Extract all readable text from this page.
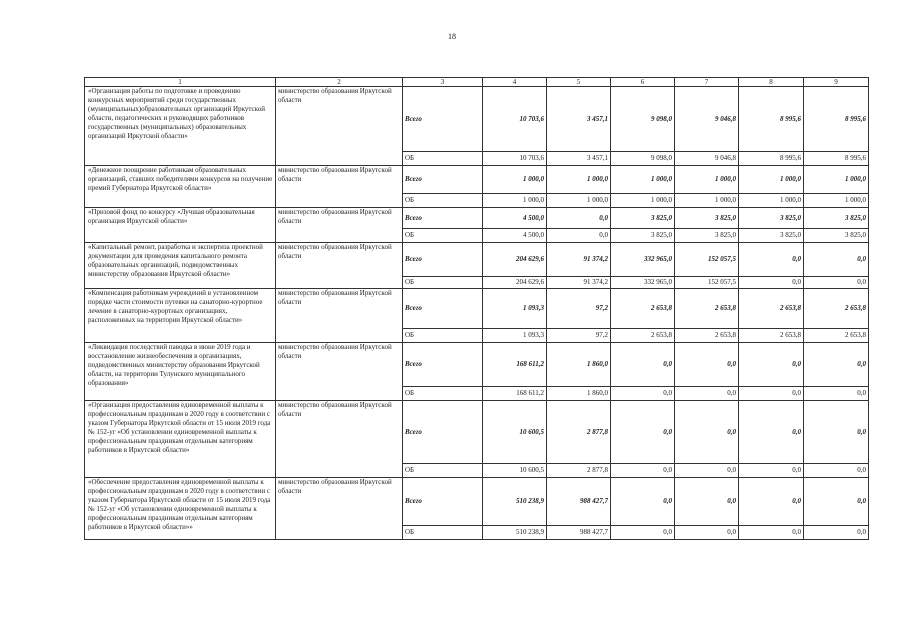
18
1	2	3	4	5	6	7	8	9
«Организация работы по подготовке и проведению конкурсных мероприятий среди государственных (муниципальных)образовательных организаций Иркутской области, педагогических и руководящих работников государственных (муниципальных) образовательных организаций Иркутской области»	министерство образования Иркутской области	Всего	10 703,6	3 457,1	9 098,0	9 046,8	8 995,6	8 995,6
		ОБ	10 703,6	3 457,1	9 098,0	9 046,8	8 995,6	8 995,6
«Денежное поощрение работникам образовательных организаций, ставших победителями конкурсов на получение премий Губернатора Иркутской области»	министерство образования Иркутской области	Всего	1 000,0	1 000,0	1 000,0	1 000,0	1 000,0	1 000,0
		ОБ	1 000,0	1 000,0	1 000,0	1 000,0	1 000,0	1 000,0
«Призовой фонд по конкурсу «Лучшая образовательная организация Иркутской области»	министерство образования Иркутской области	Всего	4 500,0	0,0	3 825,0	3 825,0	3 825,0	3 825,0
		ОБ	4 500,0	0,0	3 825,0	3 825,0	3 825,0	3 825,0
«Капитальный ремонт, разработка и экспертиза проектной документации для проведения капитального ремонта образовательных организаций, подведомственных министерству образования Иркутской области»	министерство образования Иркутской области	Всего	204 629,6	91 374,2	332 965,0	152 057,5	0,0	0,0
		ОБ	204 629,6	91 374,2	332 965,0	152 057,5	0,0	0,0
«Компенсация работникам учреждений в установленном порядке части стоимости путевки на санаторно-курортное лечение в санаторно-курортных организациях, расположенных на территории Иркутской области»	министерство образования Иркутской области	Всего	1 093,3	97,2	2 653,8	2 653,8	2 653,8	2 653,8
		ОБ	1 093,3	97,2	2 653,8	2 653,8	2 653,8	2 653,8
«Ликвидация последствий паводка в июне 2019 года и восстановление жизнеобеспечения в организациях, подведомственных министерству образования Иркутской области, на территории Тулунского муниципального образования»	министерство образования Иркутской области	Всего	168 611,2	1 860,0	0,0	0,0	0,0	0,0
		ОБ	168 611,2	1 860,0	0,0	0,0	0,0	0,0
«Организация предоставления единовременной выплаты к профессиональным праздникам в 2020 году в соответствии с указом Губернатора Иркутской области от 15 июля 2019 года № 152-уг «Об установлении единовременной выплаты к профессиональным праздникам отдельным категориям работников в Иркутской области»	министерство образования Иркутской области	Всего	10 600,5	2 877,8	0,0	0,0	0,0	0,0
		ОБ	10 600,5	2 877,8	0,0	0,0	0,0	0,0
«Обеспечение предоставления единовременной выплаты к профессиональным праздникам в 2020 году в соответствии с указом Губернатора Иркутской области от 15 июля 2019 года № 152-уг «Об установлении единовременной выплаты к профессиональным праздникам отдельным категориям работников в Иркутской области»»	министерство образования Иркутской области	Всего	510 238,9	988 427,7	0,0	0,0	0,0	0,0
		ОБ	510 238,9	988 427,7	0,0	0,0	0,0	0,0
